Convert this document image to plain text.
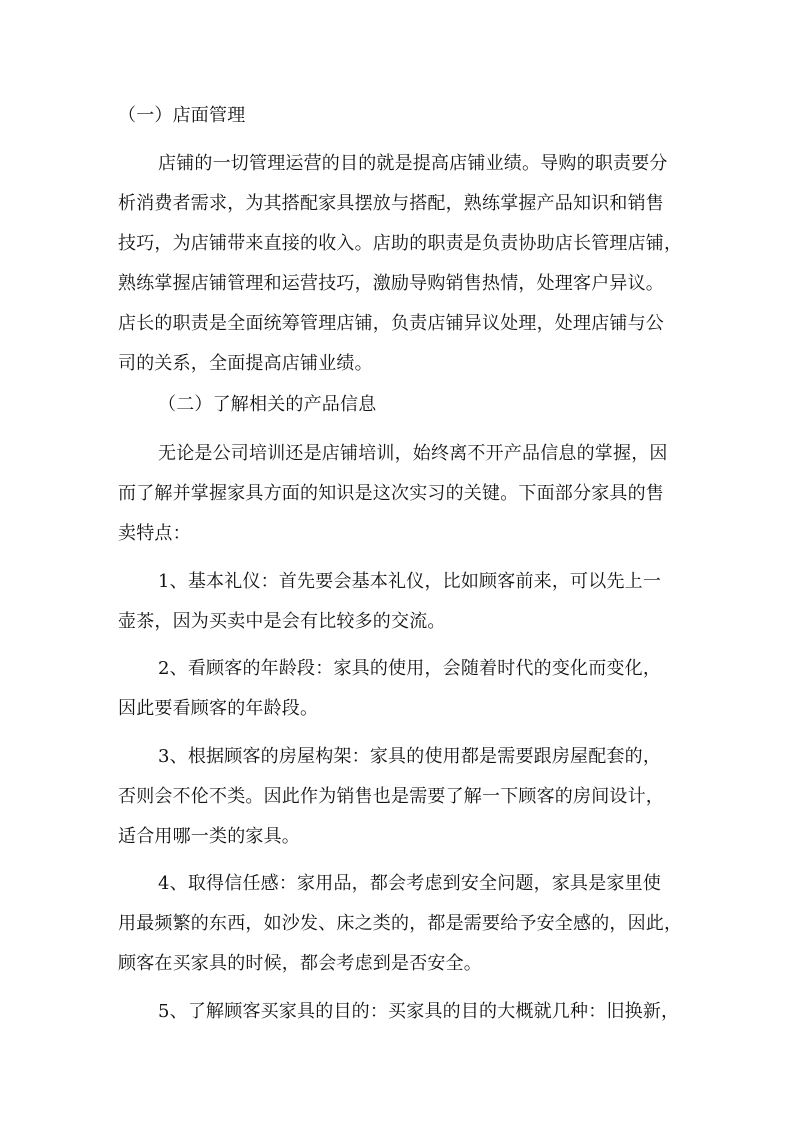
（一）店面管理
店铺的一切管理运营的目的就是提高店铺业绩。导购的职责要分
析消费者需求，为其搭配家具摆放与搭配，熟练掌握产品知识和销售
技巧，为店铺带来直接的收入。店助的职责是负责协助店长管理店铺，
熟练掌握店铺管理和运营技巧，激励导购销售热情，处理客户异议。
店长的职责是全面统筹管理店铺，负责店铺异议处理，处理店铺与公
司的关系，全面提高店铺业绩。
（二）了解相关的产品信息
无论是公司培训还是店铺培训，始终离不开产品信息的掌握，因
而了解并掌握家具方面的知识是这次实习的关键。下面部分家具的售
卖特点：
1、基本礼仪：首先要会基本礼仪，比如顾客前来，可以先上一
壶茶，因为买卖中是会有比较多的交流。
2、看顾客的年龄段：家具的使用，会随着时代的变化而变化，
因此要看顾客的年龄段。
3、根据顾客的房屋构架：家具的使用都是需要跟房屋配套的，
否则会不伦不类。因此作为销售也是需要了解一下顾客的房间设计，
适合用哪一类的家具。
4、取得信任感：家用品，都会考虑到安全问题，家具是家里使
用最频繁的东西，如沙发、床之类的，都是需要给予安全感的，因此，
顾客在买家具的时候，都会考虑到是否安全。
5、了解顾客买家具的目的：买家具的目的大概就几种：旧换新，
